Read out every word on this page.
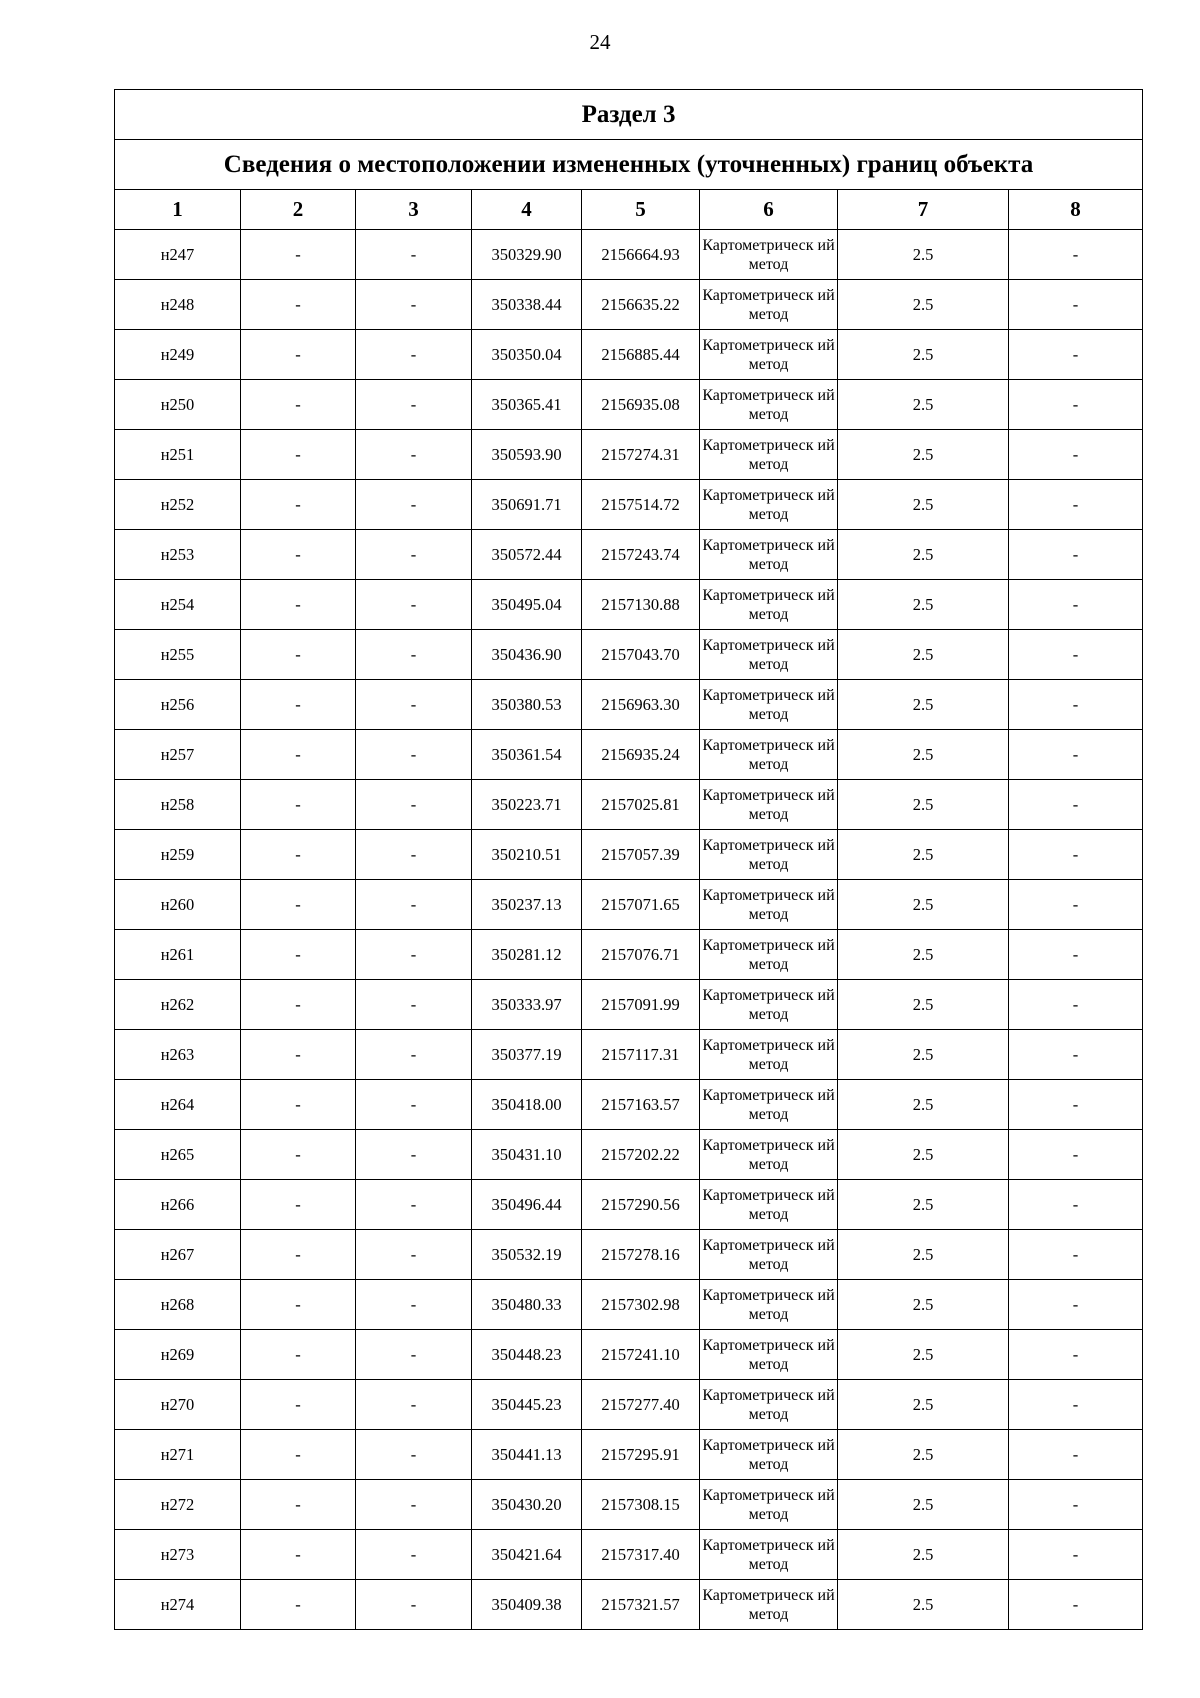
24
Раздел 3							
Сведения о местоположении измененных (уточненных) границ объекта							
1	2	3	4	5	6	7	8
н247	-	-	350329.90	2156664.93	Картометрическ ий метод	2.5	-
н248	-	-	350338.44	2156635.22	Картометрическ ий метод	2.5	-
н249	-	-	350350.04	2156885.44	Картометрическ ий метод	2.5	-
н250	-	-	350365.41	2156935.08	Картометрическ ий метод	2.5	-
н251	-	-	350593.90	2157274.31	Картометрическ ий метод	2.5	-
н252	-	-	350691.71	2157514.72	Картометрическ ий метод	2.5	-
н253	-	-	350572.44	2157243.74	Картометрическ ий метод	2.5	-
н254	-	-	350495.04	2157130.88	Картометрическ ий метод	2.5	-
н255	-	-	350436.90	2157043.70	Картометрическ ий метод	2.5	-
н256	-	-	350380.53	2156963.30	Картометрическ ий метод	2.5	-
н257	-	-	350361.54	2156935.24	Картометрическ ий метод	2.5	-
н258	-	-	350223.71	2157025.81	Картометрическ ий метод	2.5	-
н259	-	-	350210.51	2157057.39	Картометрическ ий метод	2.5	-
н260	-	-	350237.13	2157071.65	Картометрическ ий метод	2.5	-
н261	-	-	350281.12	2157076.71	Картометрическ ий метод	2.5	-
н262	-	-	350333.97	2157091.99	Картометрическ ий метод	2.5	-
н263	-	-	350377.19	2157117.31	Картометрическ ий метод	2.5	-
н264	-	-	350418.00	2157163.57	Картометрическ ий метод	2.5	-
н265	-	-	350431.10	2157202.22	Картометрическ ий метод	2.5	-
н266	-	-	350496.44	2157290.56	Картометрическ ий метод	2.5	-
н267	-	-	350532.19	2157278.16	Картометрическ ий метод	2.5	-
н268	-	-	350480.33	2157302.98	Картометрическ ий метод	2.5	-
н269	-	-	350448.23	2157241.10	Картометрическ ий метод	2.5	-
н270	-	-	350445.23	2157277.40	Картометрическ ий метод	2.5	-
н271	-	-	350441.13	2157295.91	Картометрическ ий метод	2.5	-
н272	-	-	350430.20	2157308.15	Картометрическ ий метод	2.5	-
н273	-	-	350421.64	2157317.40	Картометрическ ий метод	2.5	-
н274	-	-	350409.38	2157321.57	Картометрическ ий метод	2.5	-
